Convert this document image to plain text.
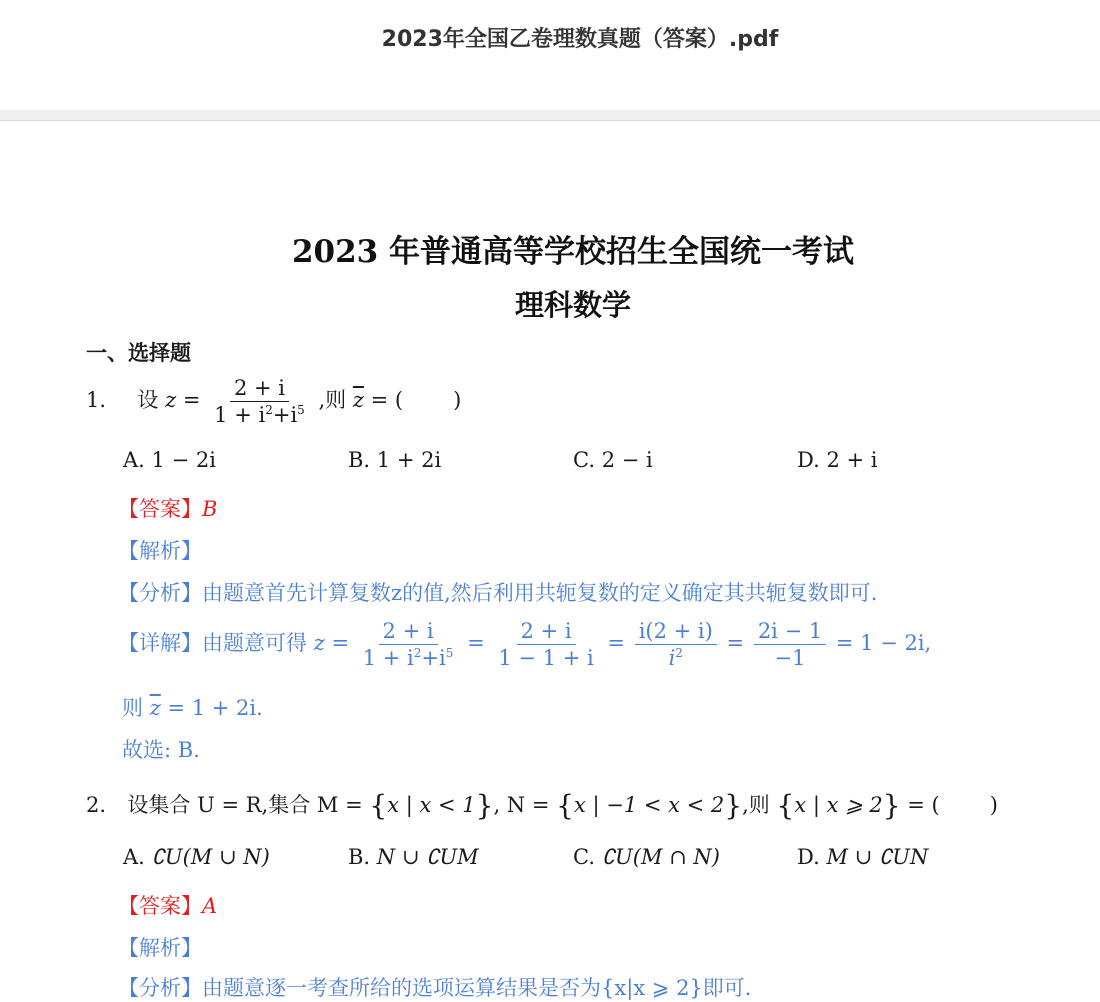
2023年全国乙卷理数真题（答案）.pdf
2023 年普通高等学校招生全国统一考试
理科数学
一、选择题
1. 设 $z = \frac{2 + i}{1 + i^2+i^5}$ ,则 $\overline{z}$ = ( )
A. 1 − 2i	B. 1 + 2i	C. 2 − i	D. 2 + i
【答案】B
【解析】
【分析】由题意首先计算复数z的值,然后利用共轭复数的定义确定其共轭复数即可.
【详解】由题意可得 $z = \frac{2 + i}{1 + i^2+i^5} = \frac{2 + i}{1 - 1 + i} = \frac{i(2 + i)}{i^2} = \frac{2i - 1}{-1} = 1 - 2i$,
则 $\overline{z} = 1 + 2i$.
故选: B.
2. 设集合 U = R,集合 M = {x | x < 1}, N = {x | −1 < x < 2},则 {x | x ⩾ 2} = ( )
A. ∁U(M ∪ N)	B. N ∪ ∁UM	C. ∁U(M ∩ N)	D. M ∪ ∁UN
【答案】A
【解析】
【分析】由题意逐一考查所给的选项运算结果是否为{x|x ⩾ 2}即可.
